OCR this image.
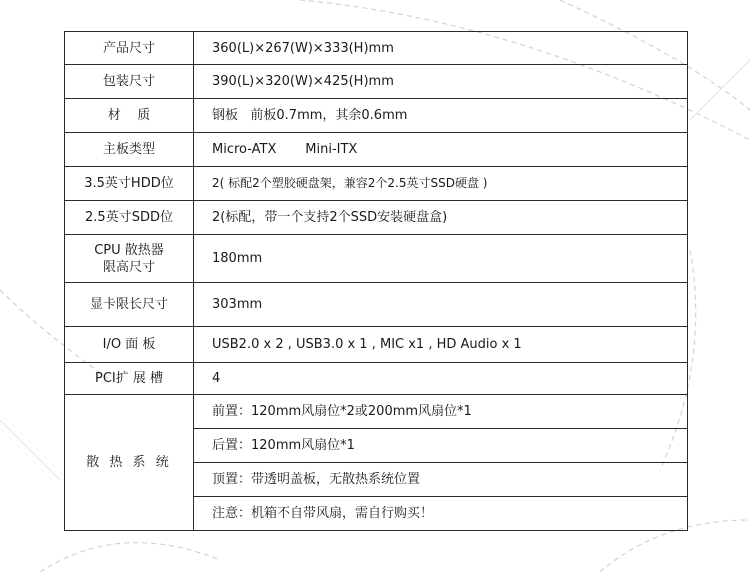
产品尺寸	360(L)×267(W)×333(H)mm
包装尺寸	390(L)×320(W)×425(H)mm
材    质	钢板   前板0.7mm，其余0.6mm
主板类型	Micro-ATX       Mini-ITX
3.5英寸HDD位	2( 标配2个塑胶硬盘架，兼容2个2.5英寸SSD硬盘 )
2.5英寸SDD位	2(标配，带一个支持2个SSD安装硬盘盒)

CPU 散热器
限高尺寸	180mm
显卡限长尺寸	303mm
I/O 面 板	USB2.0 x 2 , USB3.0 x 1 , MIC x1 , HD Audio x 1
PCI扩 展 槽	4
散 热 系 统	前置：120mm风扇位*2或200mm风扇位*1
	后置：120mm风扇位*1
	顶置：带透明盖板，无散热系统位置
	注意：机箱不自带风扇，需自行购买！
